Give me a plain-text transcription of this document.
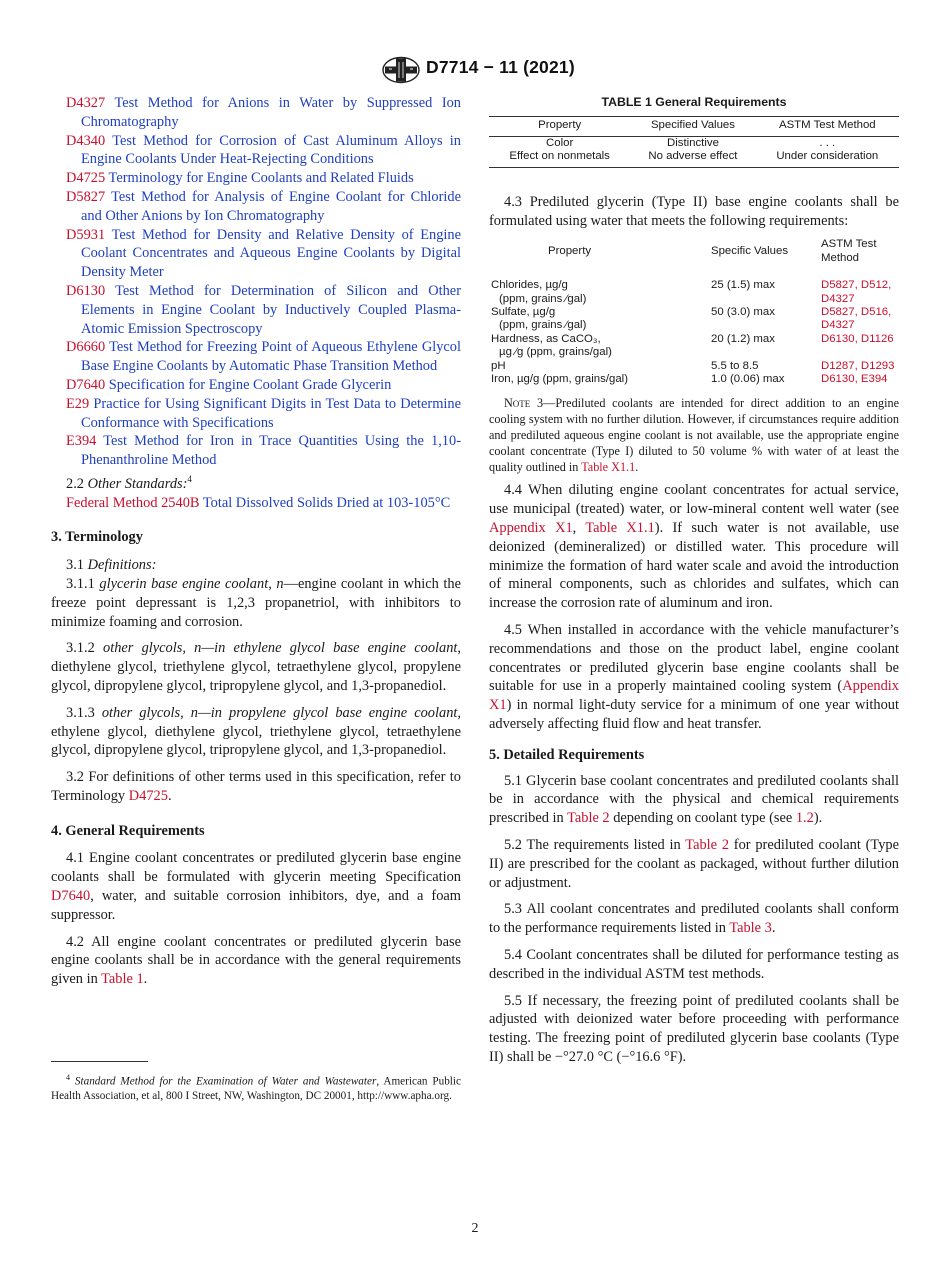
D7714 − 11 (2021)

D4327 Test Method for Anions in Water by Suppressed Ion Chromatography

D4340 Test Method for Corrosion of Cast Aluminum Alloys in Engine Coolants Under Heat-Rejecting Conditions

D4725 Terminology for Engine Coolants and Related Fluids

D5827 Test Method for Analysis of Engine Coolant for Chloride and Other Anions by Ion Chromatography

D5931 Test Method for Density and Relative Density of Engine Coolant Concentrates and Aqueous Engine Coolants by Digital Density Meter

D6130 Test Method for Determination of Silicon and Other Elements in Engine Coolant by Inductively Coupled Plasma-Atomic Emission Spectroscopy

D6660 Test Method for Freezing Point of Aqueous Ethylene Glycol Base Engine Coolants by Automatic Phase Transition Method

D7640 Specification for Engine Coolant Grade Glycerin

E29 Practice for Using Significant Digits in Test Data to Determine Conformance with Specifications

E394 Test Method for Iron in Trace Quantities Using the 1,10-Phenanthroline Method

2.2 Other Standards:$^4$

Federal Method 2540B Total Dissolved Solids Dried at 103-105°C

3. Terminology

3.1 Definitions:

3.1.1 glycerin base engine coolant, n—engine coolant in which the freeze point depressant is 1,2,3 propanetriol, with inhibitors to minimize foaming and corrosion.

3.1.2 other glycols, n—in ethylene glycol base engine coolant, diethylene glycol, triethylene glycol, tetraethylene glycol, propylene glycol, dipropylene glycol, tripropylene glycol, and 1,3-propanediol.

3.1.3 other glycols, n—in propylene glycol base engine coolant, ethylene glycol, diethylene glycol, triethylene glycol, tetraethylene glycol, dipropylene glycol, tripropylene glycol, and 1,3-propanediol.

3.2 For definitions of other terms used in this specification, refer to Terminology D4725.

4. General Requirements

4.1 Engine coolant concentrates or prediluted glycerin base engine coolants shall be formulated with glycerin meeting Specification D7640, water, and suitable corrosion inhibitors, dye, and a foam suppressor.

4.2 All engine coolant concentrates or prediluted glycerin base engine coolants shall be in accordance with the general requirements given in Table 1.

$^4$ Standard Method for the Examination of Water and Wastewater, American Public Health Association, et al, 800 I Street, NW, Washington, DC 20001, http://www.apha.org.
TABLE 1 General Requirements
Property	Specified Values	ASTM Test Method
Color	Distinctive	. . .
Effect on nonmetals	No adverse effect	Under consideration

4.3 Prediluted glycerin (Type II) base engine coolants shall be formulated using water that meets the following requirements:

Property	Specific Values	ASTM Test Method

Chlorides, µg/g
(ppm, grains ⁄gal)	25 (1.5) max	D5827, D512, D4327

Sulfate, µg/g
(ppm, grains ⁄gal)	50 (3.0) max	D5827, D516, D4327

Hardness, as CaCO₃,
µg ⁄g (ppm, grains/gal)	20 (1.2) max	D6130, D1126

pH	5.5 to 8.5	D1287, D1293

Iron, µg/g (ppm, grains/gal)	1.0 (0.06) max	D6130, E394

Note 3—Prediluted coolants are intended for direct addition to an engine cooling system with no further dilution. However, if circumstances require addition and prediluted aqueous engine coolant is not available, use the appropriate engine coolant concentrate (Type I) diluted to 50 volume % with water of at least the quality outlined in Table X1.1.

4.4 When diluting engine coolant concentrates for actual service, use municipal (treated) water, or low-mineral content well water (see Appendix X1, Table X1.1). If such water is not available, use deionized (demineralized) or distilled water. This procedure will minimize the formation of hard water scale and avoid the introduction of mineral components, such as chlorides and sulfates, which can increase the corrosion rate of aluminum and iron.

4.5 When installed in accordance with the vehicle manufacturer’s recommendations and those on the product label, engine coolant concentrates or prediluted glycerin base engine coolants shall be suitable for use in a properly maintained cooling system (Appendix X1) in normal light-duty service for a minimum of one year without adversely affecting fluid flow and heat transfer.

5. Detailed Requirements

5.1 Glycerin base coolant concentrates and prediluted coolants shall be in accordance with the physical and chemical requirements prescribed in Table 2 depending on coolant type (see 1.2).

5.2 The requirements listed in Table 2 for prediluted coolant (Type II) are prescribed for the coolant as packaged, without further dilution or adjustment.

5.3 All coolant concentrates and prediluted coolants shall conform to the performance requirements listed in Table 3.

5.4 Coolant concentrates shall be diluted for performance testing as described in the individual ASTM test methods.

5.5 If necessary, the freezing point of prediluted coolants shall be adjusted with deionized water before proceeding with performance testing. The freezing point of prediluted glycerin base coolants (Type II) shall be −°27.0 °C (−°16.6 °F).

2
